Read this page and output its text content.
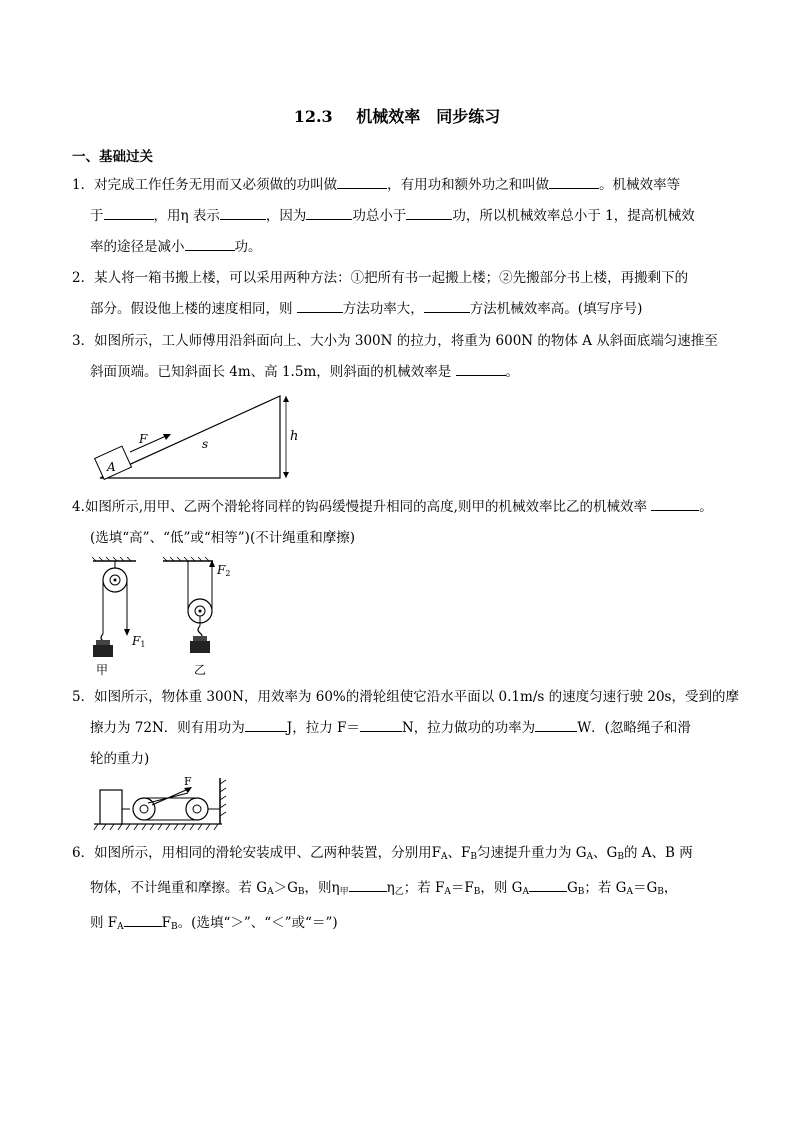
12.3 机械效率　同步练习
一、基础过关
1．对完成工作任务无用而又必须做的功叫做	，有用功和额外功之和叫做	。机械效率等
于	，用η 表示	，因为	功总小于	功，所以机械效率总小于 1，提高机械效
率的途径是减小	功。
2．某人将一箱书搬上楼，可以采用两种方法：①把所有书一起搬上楼；②先搬部分书上楼，再搬剩下的
部分。假设他上楼的速度相同，则	方法功率大，	方法机械效率高。(填写序号)
3．如图所示，工人师傅用沿斜面向上、大小为 300N 的拉力，将重为 600N 的物体 A 从斜面底端匀速推至
斜面顶端。已知斜面长 4m、高 1.5m，则斜面的机械效率是	。
h
s
A
F
4.如图所示,用甲、乙两个滑轮将同样的钩码缓慢提升相同的高度,则甲的机械效率比乙的机械效率	。
(选填“高”、“低”或“相等”)(不计绳重和摩擦)
F1
甲
F2
乙
5．如图所示，物体重 300N，用效率为 60%的滑轮组使它沿水平面以 0.1m/s 的速度匀速行驶 20s，受到的摩
擦力为 72N．则有用功为	J，拉力 F＝	N，拉力做功的功率为	W．(忽略绳子和滑
轮的重力)
F
6．如图所示，用相同的滑轮安装成甲、乙两种装置，分别用$F_A$、$F_B$匀速提升重力为 $G_A$、$G_B$的 A、B 两
物体，不计绳重和摩擦。若 $G_A>G_B$，则$\eta_甲$	$\eta_乙$；若 $F_A=F_B$，则 $G_A$	$G_B$；若 $G_A=G_B$，
则 $F_A$	$F_B$。(选填“＞”、“＜”或“＝”)
